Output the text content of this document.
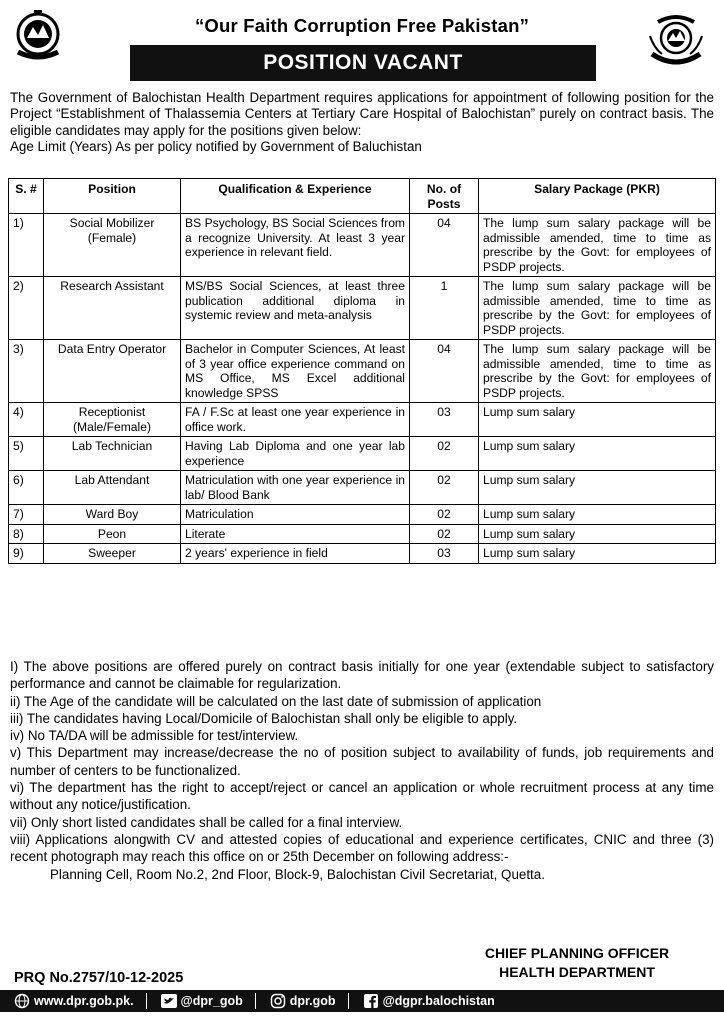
“Our Faith Corruption Free Pakistan”
POSITION VACANT

The Government of Balochistan Health Department requires applications for appointment of following position for the Project “Establishment of Thalassemia Centers at Tertiary Care Hospital of Balochistan” purely on contract basis. The eligible candidates may apply for the positions given below:

Age Limit (Years) As per policy notified by Government of Baluchistan

S. #	Position	Qualification & Experience	No. of Posts	Salary Package (PKR)
1)	Social Mobilizer (Female)	BS Psychology, BS Social Sciences from a recognize University. At least 3 year experience in relevant field.	04	The lump sum salary package will be admissible amended, time to time as prescribe by the Govt: for employees of PSDP projects.
2)	Research Assistant	MS/BS Social Sciences, at least three publication additional diploma in systemic review and meta-analysis	1	The lump sum salary package will be admissible amended, time to time as prescribe by the Govt: for employees of PSDP projects.
3)	Data Entry Operator	Bachelor in Computer Sciences, At least of 3 year office experience command on MS Office, MS Excel additional knowledge SPSS	04	The lump sum salary package will be admissible amended, time to time as prescribe by the Govt: for employees of PSDP projects.
4)	Receptionist (Male/Female)	FA / F.Sc at least one year experience in office work.	03	Lump sum salary
5)	Lab Technician	Having Lab Diploma and one year lab experience	02	Lump sum salary
6)	Lab Attendant	Matriculation with one year experience in lab/ Blood Bank	02	Lump sum salary
7)	Ward Boy	Matriculation	02	Lump sum salary
8)	Peon	Literate	02	Lump sum salary
9)	Sweeper	2 years' experience in field	03	Lump sum salary

I) The above positions are offered purely on contract basis initially for one year (extendable subject to satisfactory performance and cannot be claimable for regularization.

ii) The Age of the candidate will be calculated on the last date of submission of application

iii) The candidates having Local/Domicile of Balochistan shall only be eligible to apply.

iv) No TA/DA will be admissible for test/interview.

v) This Department may increase/decrease the no of position subject to availability of funds, job requirements and number of centers to be functionalized.

vi) The department has the right to accept/reject or cancel an application or whole recruitment process at any time without any notice/justification.

vii) Only short listed candidates shall be called for a final interview.

viii) Applications alongwith CV and attested copies of educational and experience certificates, CNIC and three (3) recent photograph may reach this office on or 25th December on following address:-

Planning Cell, Room No.2, 2nd Floor, Block-9, Balochistan Civil Secretariat, Quetta.

CHIEF PLANNING OFFICER
HEALTH DEPARTMENT
PRQ No.2757/10-12-2025
www.dpr.gob.pk.	@dpr_gob	dpr.gob	@dgpr.balochistan
